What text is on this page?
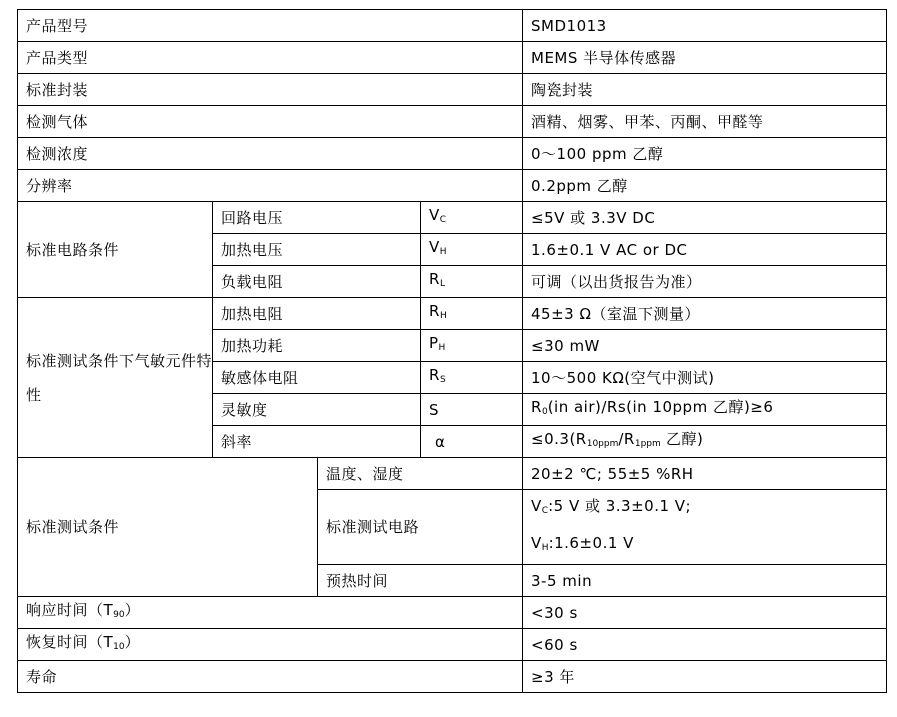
产品型号				SMD1013
产品类型				MEMS 半导体传感器
标准封装				陶瓷封装
检测气体				酒精、烟雾、甲苯、丙酮、甲醛等
检测浓度				0～100 ppm 乙醇
分辨率				0.2ppm 乙醇
标准电路条件	回路电压		$V_C$	≤5V 或 3.3V DC
	加热电压		$V_H$	1.6±0.1 V AC or DC
	负载电阻		$R_L$	可调（以出货报告为准）
标准测试条件下气敏元件特性	加热电阻		$R_H$	45±3 Ω（室温下测量）
	加热功耗		$P_H$	≤30 mW
	敏感体电阻		$R_S$	10～500 KΩ(空气中测试)
	灵敏度		S	$R_0(in$ air)/Rs(in 10ppm 乙醇)≥6
	斜率		α	$\le 0.3(R_{10ppm}/R_{1ppm}$ 乙醇)
标准测试条件		温度、湿度		20±2 ℃; 55±5 %RH
		标准测试电路		$V_C:5$ V 或 3.3±0.1 V;
$V_H:1.6\pm 0.1$ V

		预热时间		3-5 min
响应时间$(T_{90})$				<30 s
恢复时间$(T_{10})$				<60 s
寿命				≥3 年
